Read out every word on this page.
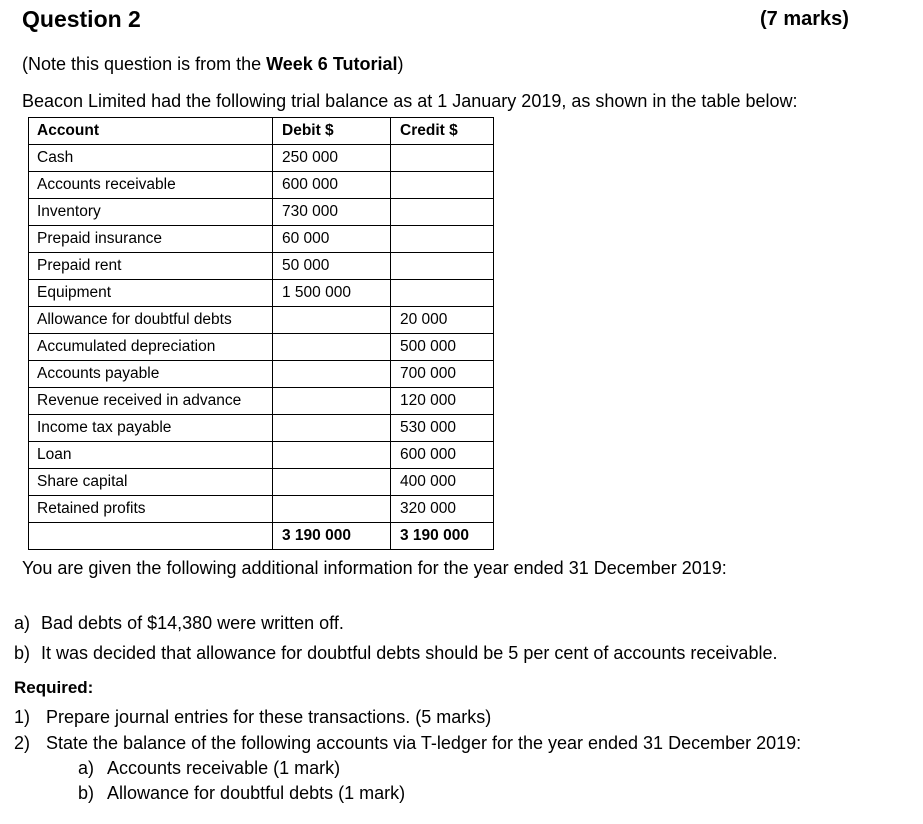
Question 2	(7 marks)
(Note this question is from the Week 6 Tutorial)
Beacon Limited had the following trial balance as at 1 January 2019, as shown in the table below:
Account	Debit $	Credit $
Cash	250 000	
Accounts receivable	600 000	
Inventory	730 000	
Prepaid insurance	60 000	
Prepaid rent	50 000	
Equipment	1 500 000	
Allowance for doubtful debts		20 000
Accumulated depreciation		500 000
Accounts payable		700 000
Revenue received in advance		120 000
Income tax payable		530 000
Loan		600 000
Share capital		400 000
Retained profits		320 000
	3 190 000	3 190 000
You are given the following additional information for the year ended 31 December 2019:
a) Bad debts of $14,380 were written off.
b) It was decided that allowance for doubtful debts should be 5 per cent of accounts receivable.
Required:
1) Prepare journal entries for these transactions. (5 marks)
2) State the balance of the following accounts via T-ledger for the year ended 31 December 2019:
a) Accounts receivable (1 mark)
b) Allowance for doubtful debts (1 mark)
